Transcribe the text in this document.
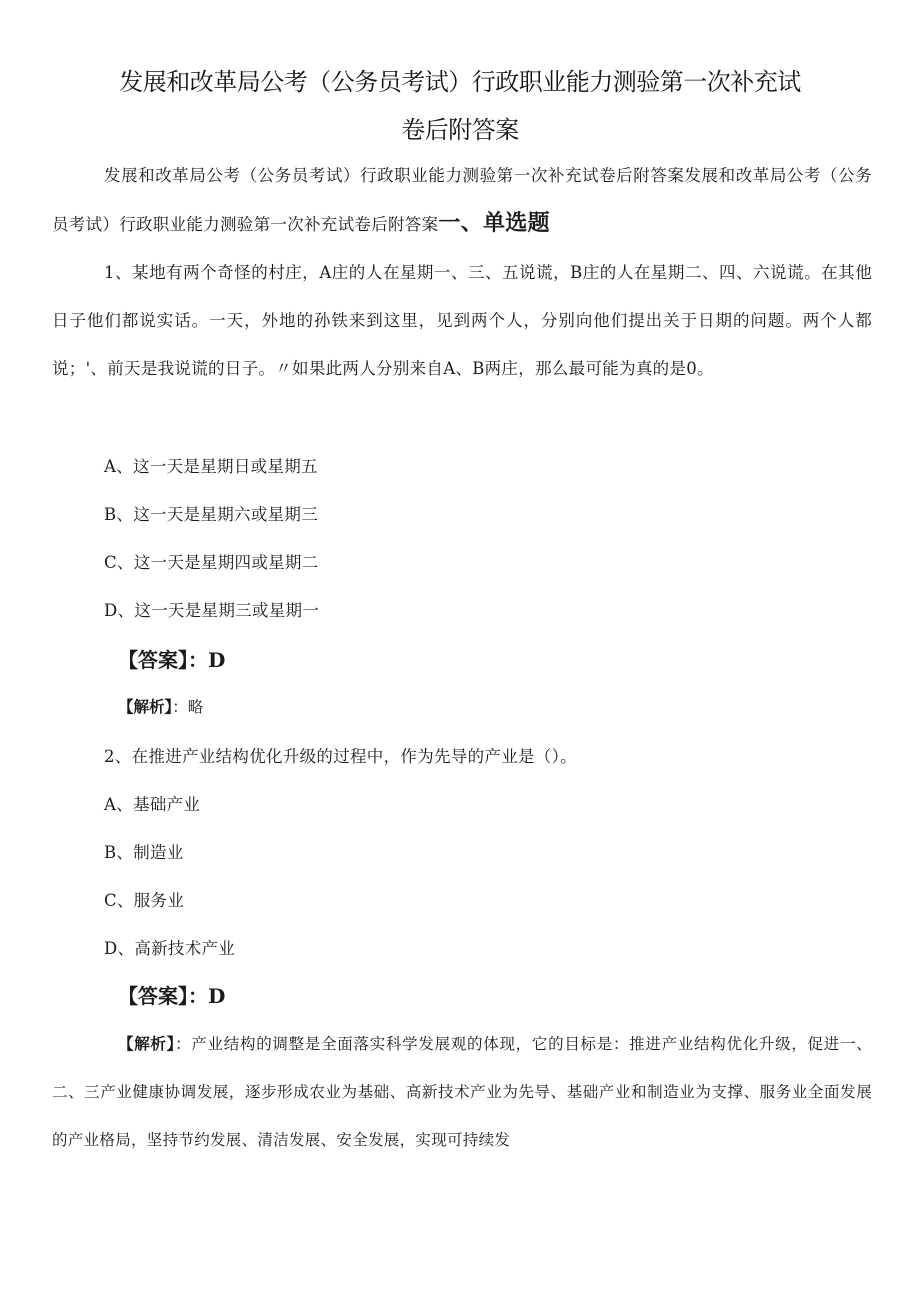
发展和改革局公考（公务员考试）行政职业能力测验第一次补充试
卷后附答案
发展和改革局公考（公务员考试）行政职业能力测验第一次补充试卷后附答案发展和改革局公考（公务员考试）行政职业能力测验第一次补充试卷后附答案一、单选题
1、某地有两个奇怪的村庄，A庄的人在星期一、三、五说谎，B庄的人在星期二、四、六说谎。在其他日子他们都说实话。一天，外地的孙铁来到这里，见到两个人，分别向他们提出关于日期的问题。两个人都说；'、前天是我说谎的日子。〃如果此两人分别来自A、B两庄，那么最可能为真的是0。
A、这一天是星期日或星期五
B、这一天是星期六或星期三
C、这一天是星期四或星期二
D、这一天是星期三或星期一
【答案】：D
【解析】：略
2、在推进产业结构优化升级的过程中，作为先导的产业是（）。
A、基础产业
B、制造业
C、服务业
D、高新技术产业
【答案】：D
【解析】：产业结构的调整是全面落实科学发展观的体现，它的目标是：推进产业结构优化升级，促进一、二、三产业健康协调发展，逐步形成农业为基础、高新技术产业为先导、基础产业和制造业为支撑、服务业全面发展的产业格局，坚持节约发展、清洁发展、安全发展，实现可持续发
